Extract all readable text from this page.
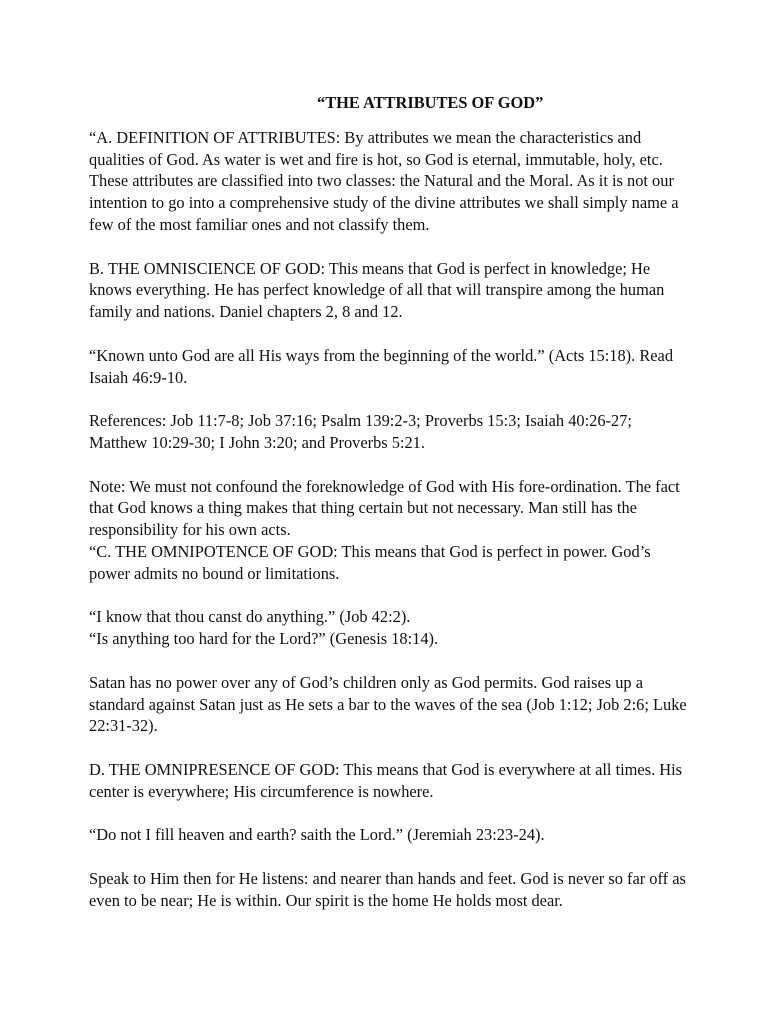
“THE ATTRIBUTES OF GOD”

“A. DEFINITION OF ATTRIBUTES: By attributes we mean the characteristics and qualities of God. As water is wet and fire is hot, so God is eternal, immutable, holy, etc. These attributes are classified into two classes: the Natural and the Moral. As it is not our intention to go into a comprehensive study of the divine attributes we shall simply name a few of the most familiar ones and not classify them.

B. THE OMNISCIENCE OF GOD: This means that God is perfect in knowledge; He knows everything. He has perfect knowledge of all that will transpire among the human family and nations. Daniel chapters 2, 8 and 12.

“Known unto God are all His ways from the beginning of the world.” (Acts 15:18). Read Isaiah 46:9-10.

References: Job 11:7-8; Job 37:16; Psalm 139:2-3; Proverbs 15:3; Isaiah 40:26-27; Matthew 10:29-30; I John 3:20; and Proverbs 5:21.

Note: We must not confound the foreknowledge of God with His fore-ordination. The fact that God knows a thing makes that thing certain but not necessary. Man still has the responsibility for his own acts.

“C. THE OMNIPOTENCE OF GOD: This means that God is perfect in power. God’s power admits no bound or limitations.

“I know that thou canst do anything.” (Job 42:2).

“Is anything too hard for the Lord?” (Genesis 18:14).

Satan has no power over any of God’s children only as God permits. God raises up a standard against Satan just as He sets a bar to the waves of the sea (Job 1:12; Job 2:6; Luke 22:31-32).

D. THE OMNIPRESENCE OF GOD: This means that God is everywhere at all times. His center is everywhere; His circumference is nowhere.

“Do not I fill heaven and earth? saith the Lord.” (Jeremiah 23:23-24).

Speak to Him then for He listens: and nearer than hands and feet. God is never so far off as even to be near; He is within. Our spirit is the home He holds most dear.
